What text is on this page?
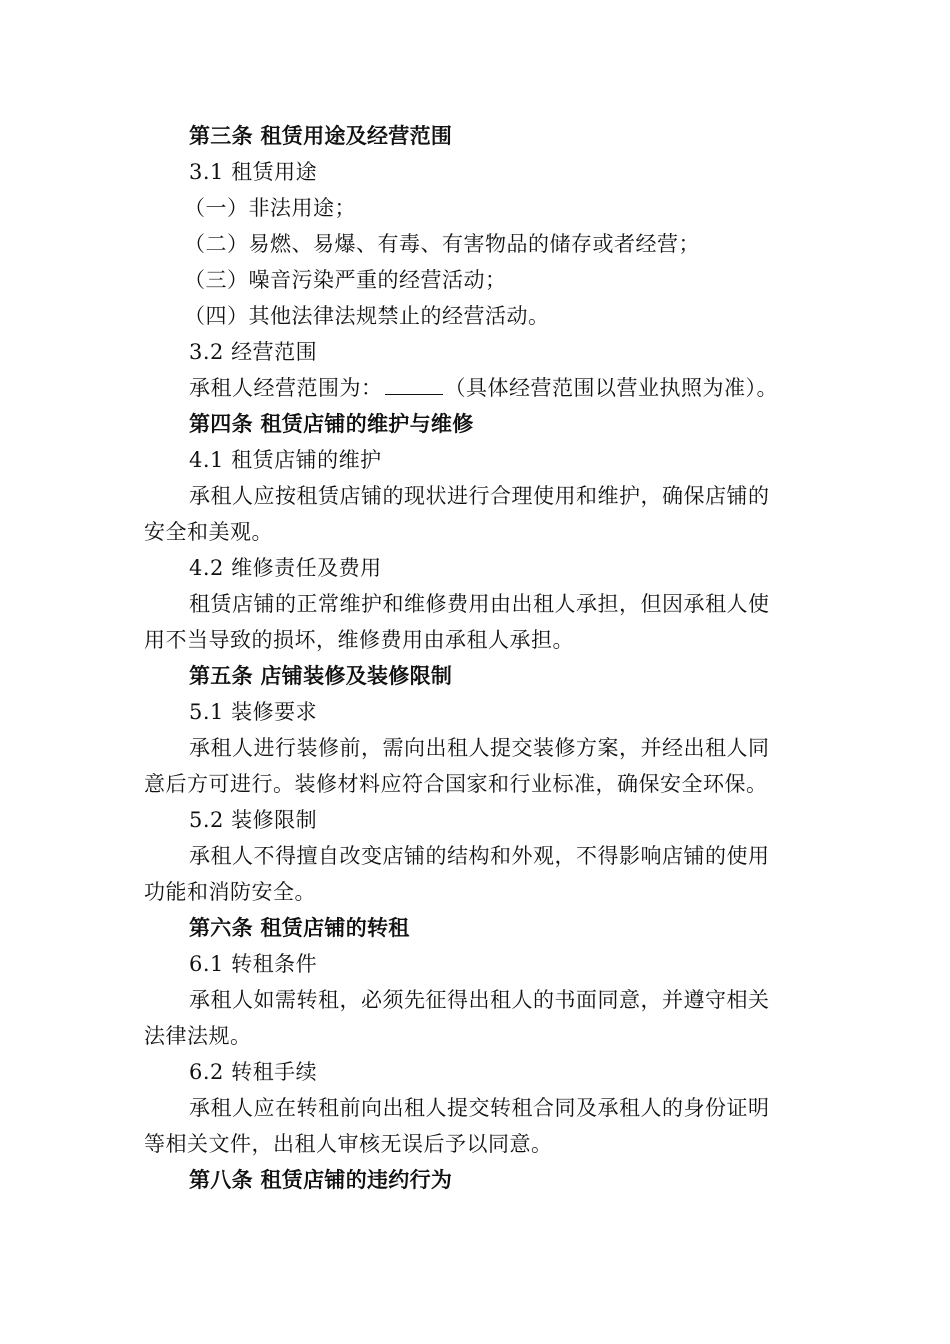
第三条 租赁用途及经营范围
3.1 租赁用途
（一）非法用途；
（二）易燃、易爆、有毒、有害物品的储存或者经营；
（三）噪音污染严重的经营活动；
（四）其他法律法规禁止的经营活动。
3.2 经营范围
承租人经营范围为：	（具体经营范围以营业执照为准）。
第四条 租赁店铺的维护与维修
4.1 租赁店铺的维护
承租人应按租赁店铺的现状进行合理使用和维护，确保店铺的
安全和美观。
4.2 维修责任及费用
租赁店铺的正常维护和维修费用由出租人承担，但因承租人使
用不当导致的损坏，维修费用由承租人承担。
第五条 店铺装修及装修限制
5.1 装修要求
承租人进行装修前，需向出租人提交装修方案，并经出租人同
意后方可进行。装修材料应符合国家和行业标准，确保安全环保。
5.2 装修限制
承租人不得擅自改变店铺的结构和外观，不得影响店铺的使用
功能和消防安全。
第六条 租赁店铺的转租
6.1 转租条件
承租人如需转租，必须先征得出租人的书面同意，并遵守相关
法律法规。
6.2 转租手续
承租人应在转租前向出租人提交转租合同及承租人的身份证明
等相关文件，出租人审核无误后予以同意。
第八条 租赁店铺的违约行为
